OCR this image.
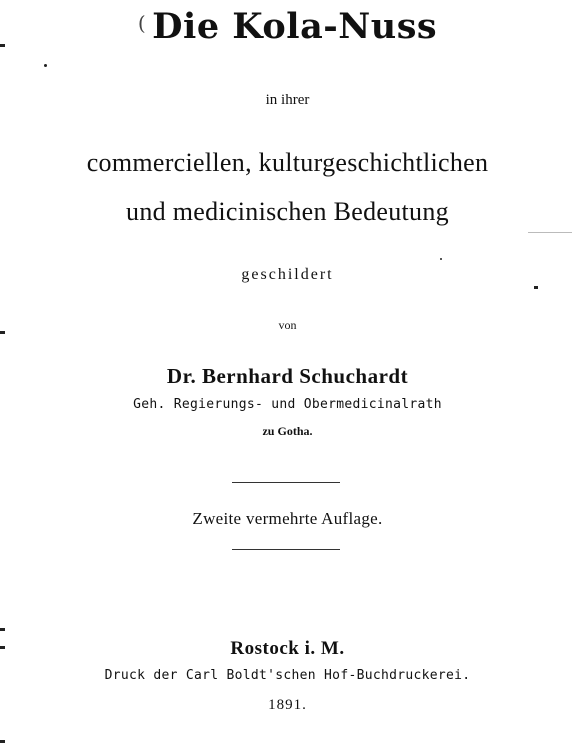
( Die Kola-Nuss
in ihrer
commerciellen, kulturgeschichtlichen
und medicinischen Bedeutung
geschildert
von
Dr. Bernhard Schuchardt
Geh. Regierungs- und Obermedicinalrath
zu Gotha.
Zweite vermehrte Auflage.
Rostock i. M.
Druck der Carl Boldt'schen Hof-Buchdruckerei.
1891.
